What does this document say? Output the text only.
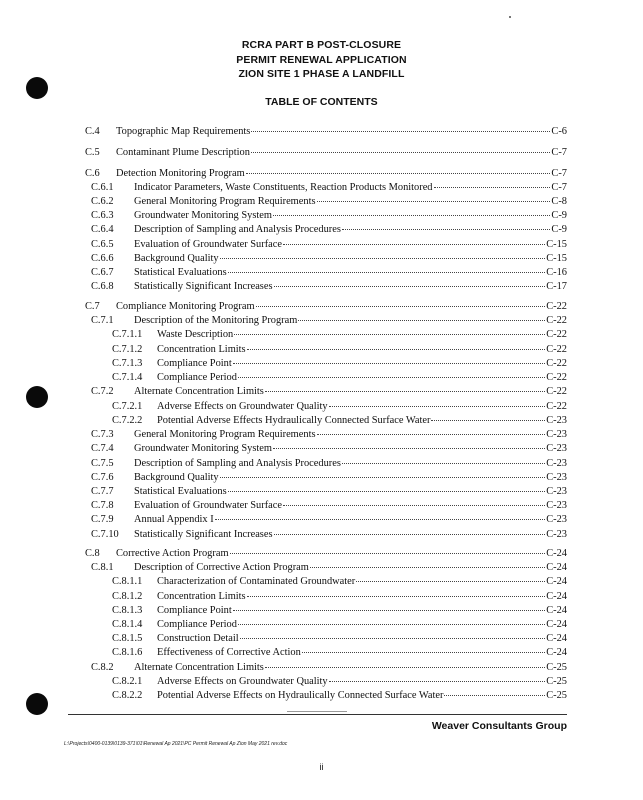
RCRA PART B POST-CLOSURE
PERMIT RENEWAL APPLICATION
ZION SITE 1 PHASE A LANDFILL
TABLE OF CONTENTS
C.4	Topographic Map Requirements	C-6
C.5	Contaminant Plume Description	C-7
C.6	Detection Monitoring Program	C-7
C.6.1	Indicator Parameters, Waste Constituents, Reaction Products Monitored	C-7
C.6.2	General Monitoring Program Requirements	C-8
C.6.3	Groundwater Monitoring System	C-9
C.6.4	Description of Sampling and Analysis Procedures	C-9
C.6.5	Evaluation of Groundwater Surface	C-15
C.6.6	Background Quality	C-15
C.6.7	Statistical Evaluations	C-16
C.6.8	Statistically Significant Increases	C-17
C.7	Compliance Monitoring Program	C-22
C.7.1	Description of the Monitoring Program	C-22
C.7.1.1	Waste Description	C-22
C.7.1.2	Concentration Limits	C-22
C.7.1.3	Compliance Point	C-22
C.7.1.4	Compliance Period	C-22
C.7.2	Alternate Concentration Limits	C-22
C.7.2.1	Adverse Effects on Groundwater Quality	C-22
C.7.2.2	Potential Adverse Effects Hydraulically Connected Surface Water	C-23
C.7.3	General Monitoring Program Requirements	C-23
C.7.4	Groundwater Monitoring System	C-23
C.7.5	Description of Sampling and Analysis Procedures	C-23
C.7.6	Background Quality	C-23
C.7.7	Statistical Evaluations	C-23
C.7.8	Evaluation of Groundwater Surface	C-23
C.7.9	Annual Appendix I	C-23
C.7.10	Statistically Significant Increases	C-23
C.8	Corrective Action Program	C-24
C.8.1	Description of Corrective Action Program	C-24
C.8.1.1	Characterization of Contaminated Groundwater	C-24
C.8.1.2	Concentration Limits	C-24
C.8.1.3	Compliance Point	C-24
C.8.1.4	Compliance Period	C-24
C.8.1.5	Construction Detail	C-24
C.8.1.6	Effectiveness of Corrective Action	C-24
C.8.2	Alternate Concentration Limits	C-25
C.8.2.1	Adverse Effects on Groundwater Quality	C-25
C.8.2.2	Potential Adverse Effects on Hydraulically Connected Surface Water	C-25
Weaver Consultants Group
L:\Projects\0400-0139\0139-371\01\Renewal Ap 2021\PC Permit Renewal Ap Zion May 2021 rev.doc
ii
